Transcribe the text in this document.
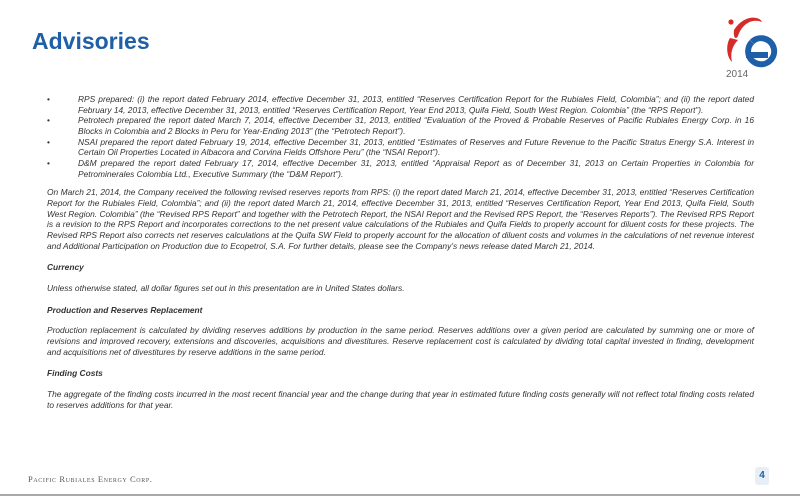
Advisories
2014
• RPS prepared: (i) the report dated February 2014, effective December 31, 2013, entitled “Reserves Certification Report for the Rubiales Field, Colombia”; and (ii) the report dated February 14, 2013, effective December 31, 2013, entitled “Reserves Certification Report, Year End 2013, Quifa Field, South West Region. Colombia” (the “RPS Report”).
• Petrotech prepared the report dated March 7, 2014, effective December 31, 2013, entitled “Evaluation of the Proved & Probable Reserves of Pacific Rubiales Energy Corp. in 16 Blocks in Colombia and 2 Blocks in Peru for Year-Ending 2013” (the “Petrotech Report”).
• NSAI prepared the report dated February 19, 2014, effective December 31, 2013, entitled “Estimates of Reserves and Future Revenue to the Pacific Stratus Energy S.A. Interest in Certain Oil Properties Located in Albacora and Corvina Fields Offshore Peru” (the “NSAI Report”).
• D&M prepared the report dated February 17, 2014, effective December 31, 2013, entitled “Appraisal Report as of December 31, 2013 on Certain Properties in Colombia for Petrominerales Colombia Ltd., Executive Summary (the “D&M Report”).

On March 21, 2014, the Company received the following revised reserves reports from RPS: (i) the report dated March 21, 2014, effective December 31, 2013, entitled “Reserves Certification Report for the Rubiales Field, Colombia”; and (ii) the report dated March 21, 2014, effective December 31, 2013, entitled “Reserves Certification Report, Year End 2013, Quifa Field, South West Region. Colombia” (the “Revised RPS Report” and together with the Petrotech Report, the NSAI Report and the Revised RPS Report, the “Reserves Reports”). The Revised RPS Report is a revision to the RPS Report and incorporates corrections to the net present value calculations of the Rubiales and Quifa Fields to properly account for diluent costs for these projects. The Revised RPS Report also corrects net reserves calculations at the Quifa SW Field to properly account for the allocation of diluent costs and volumes in the calculations of net revenue interest and Additional Participation on Production due to Ecopetrol, S.A. For further details, please see the Company’s news release dated March 21, 2014.

Currency

Unless otherwise stated, all dollar figures set out in this presentation are in United States dollars.

Production and Reserves Replacement

Production replacement is calculated by dividing reserves additions by production in the same period. Reserves additions over a given period are calculated by summing one or more of revisions and improved recovery, extensions and discoveries, acquisitions and divestitures. Reserve replacement cost is calculated by dividing total capital invested in finding, development and acquisitions net of divestitures by reserve additions in the same period.

Finding Costs

The aggregate of the finding costs incurred in the most recent financial year and the change during that year in estimated future finding costs generally will not reflect total finding costs related to reserves additions for that year.

Pacific Rubiales Energy Corp.	4
